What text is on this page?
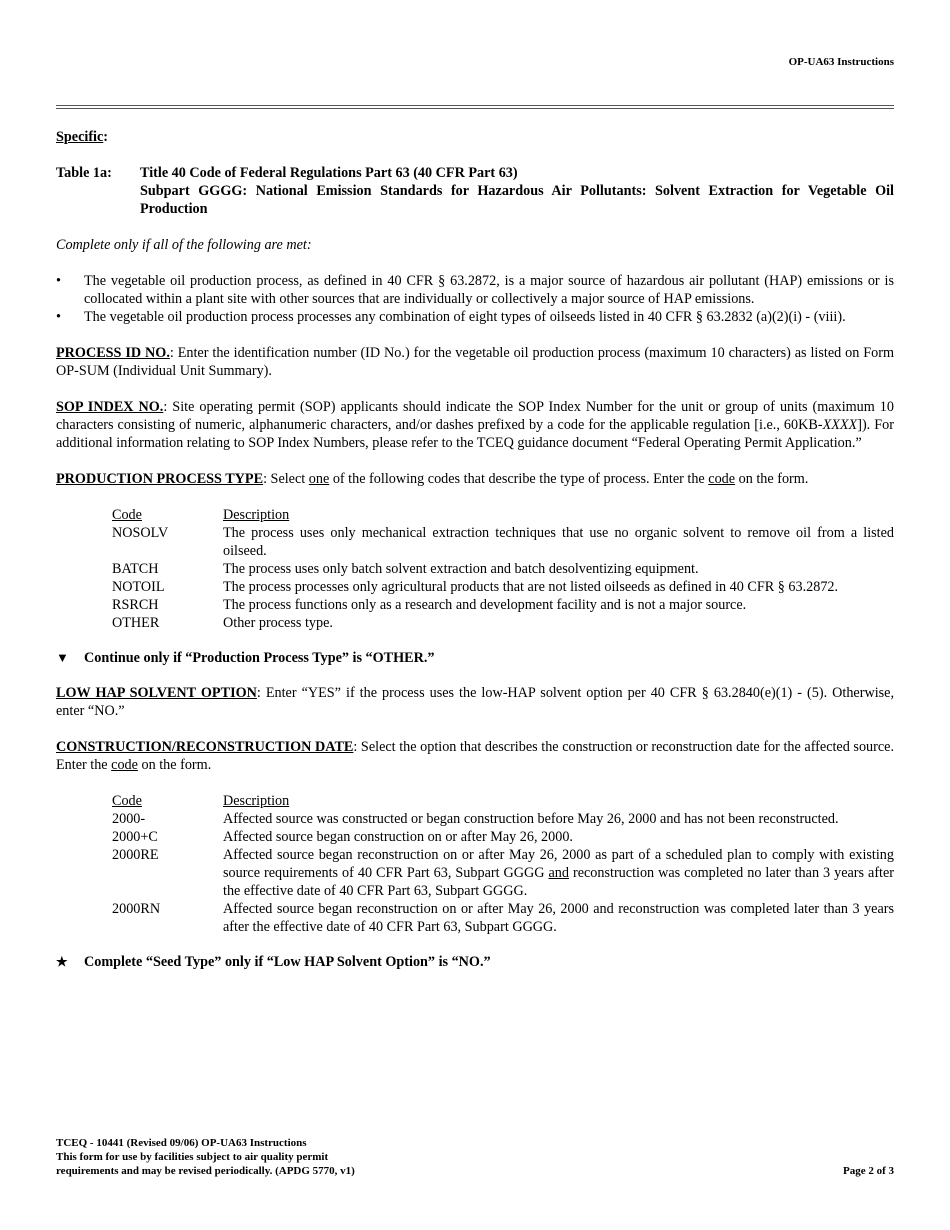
OP-UA63 Instructions

Specific:

Table 1a:	Title 40 Code of Federal Regulations Part 63 (40 CFR Part 63)
Subpart GGGG: National Emission Standards for Hazardous Air Pollutants: Solvent Extraction for Vegetable Oil Production

Complete only if all of the following are met:

•	The vegetable oil production process, as defined in 40 CFR § 63.2872, is a major source of hazardous air pollutant (HAP) emissions or is collocated within a plant site with other sources that are individually or collectively a major source of HAP emissions.
•	The vegetable oil production process processes any combination of eight types of oilseeds listed in 40 CFR § 63.2832 (a)(2)(i) - (viii).

PROCESS ID NO.: Enter the identification number (ID No.) for the vegetable oil production process (maximum 10 characters) as listed on Form OP-SUM (Individual Unit Summary).

SOP INDEX NO.: Site operating permit (SOP) applicants should indicate the SOP Index Number for the unit or group of units (maximum 10 characters consisting of numeric, alphanumeric characters, and/or dashes prefixed by a code for the applicable regulation [i.e., 60KB-XXXX]). For additional information relating to SOP Index Numbers, please refer to the TCEQ guidance document “Federal Operating Permit Application.”

PRODUCTION PROCESS TYPE: Select one of the following codes that describe the type of process. Enter the code on the form.

Code	Description
NOSOLV	The process uses only mechanical extraction techniques that use no organic solvent to remove oil from a listed oilseed.
BATCH	The process uses only batch solvent extraction and batch desolventizing equipment.
NOTOIL	The process processes only agricultural products that are not listed oilseeds as defined in 40 CFR § 63.2872.
RSRCH	The process functions only as a research and development facility and is not a major source.
OTHER	Other process type.
▼	Continue only if “Production Process Type” is “OTHER.”

LOW HAP SOLVENT OPTION: Enter “YES” if the process uses the low-HAP solvent option per 40 CFR § 63.2840(e)(1) - (5). Otherwise, enter “NO.”

CONSTRUCTION/RECONSTRUCTION DATE: Select the option that describes the construction or reconstruction date for the affected source. Enter the code on the form.

Code	Description
2000-	Affected source was constructed or began construction before May 26, 2000 and has not been reconstructed.
2000+C	Affected source began construction on or after May 26, 2000.
2000RE	Affected source began reconstruction on or after May 26, 2000 as part of a scheduled plan to comply with existing source requirements of 40 CFR Part 63, Subpart GGGG and reconstruction was completed no later than 3 years after the effective date of 40 CFR Part 63, Subpart GGGG.
2000RN	Affected source began reconstruction on or after May 26, 2000 and reconstruction was completed later than 3 years after the effective date of 40 CFR Part 63, Subpart GGGG.
★	Complete “Seed Type” only if “Low HAP Solvent Option” is “NO.”
TCEQ - 10441 (Revised 09/06) OP-UA63 Instructions
This form for use by facilities subject to air quality permit
requirements and may be revised periodically. (APDG 5770, v1)	Page 2 of 3
